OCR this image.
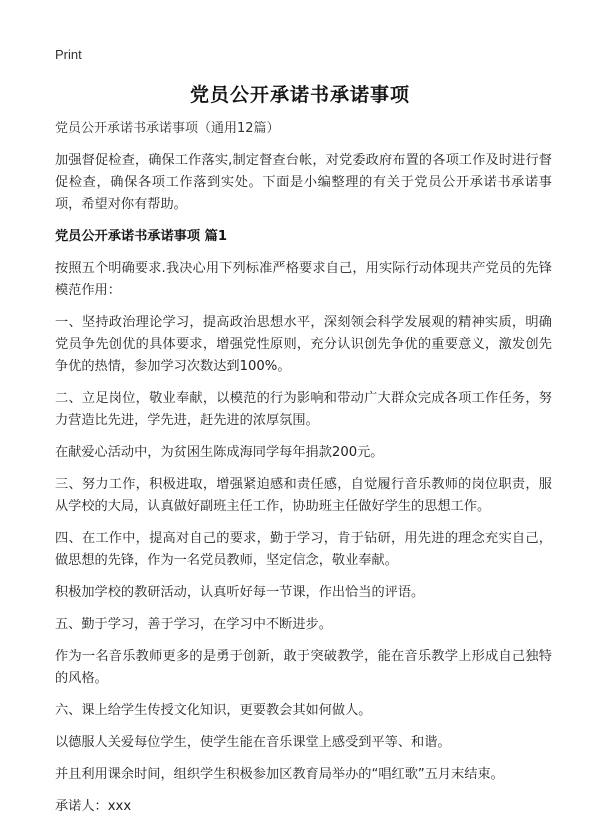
Print
党员公开承诺书承诺事项

党员公开承诺书承诺事项（通用12篇）

加强督促检查，确保工作落实,制定督查台帐，对党委政府布置的各项工作及时进行督促检查，确保各项工作落到实处。下面是小编整理的有关于党员公开承诺书承诺事项，希望对你有帮助。

党员公开承诺书承诺事项 篇1

按照五个明确要求.我决心用下列标准严格要求自己，用实际行动体现共产党员的先锋模范作用：

一、坚持政治理论学习，提高政治思想水平，深刻领会科学发展观的精神实质，明确党员争先创优的具体要求，增强党性原则，充分认识创先争优的重要意义，激发创先争优的热情，参加学习次数达到100%。

二、立足岗位，敬业奉献，以模范的行为影响和带动广大群众完成各项工作任务，努力营造比先进，学先进，赶先进的浓厚氛围。

在献爱心活动中，为贫困生陈成海同学每年捐款200元。

三、努力工作，积极进取，增强紧迫感和责任感，自觉履行音乐教师的岗位职责，服从学校的大局，认真做好副班主任工作，协助班主任做好学生的思想工作。

四、在工作中，提高对自己的要求，勤于学习，肯于钻研，用先进的理念充实自己，做思想的先锋，作为一名党员教师，坚定信念，敬业奉献。

积极加学校的教研活动，认真听好每一节课，作出恰当的评语。

五、勤于学习，善于学习，在学习中不断进步。

作为一名音乐教师更多的是勇于创新，敢于突破教学，能在音乐教学上形成自己独特的风格。

六、课上给学生传授文化知识，更要教会其如何做人。

以德服人关爱每位学生，使学生能在音乐课堂上感受到平等、和谐。

并且利用课余时间，组织学生积极参加区教育局举办的“唱红歌”五月末结束。

承诺人：xxx
